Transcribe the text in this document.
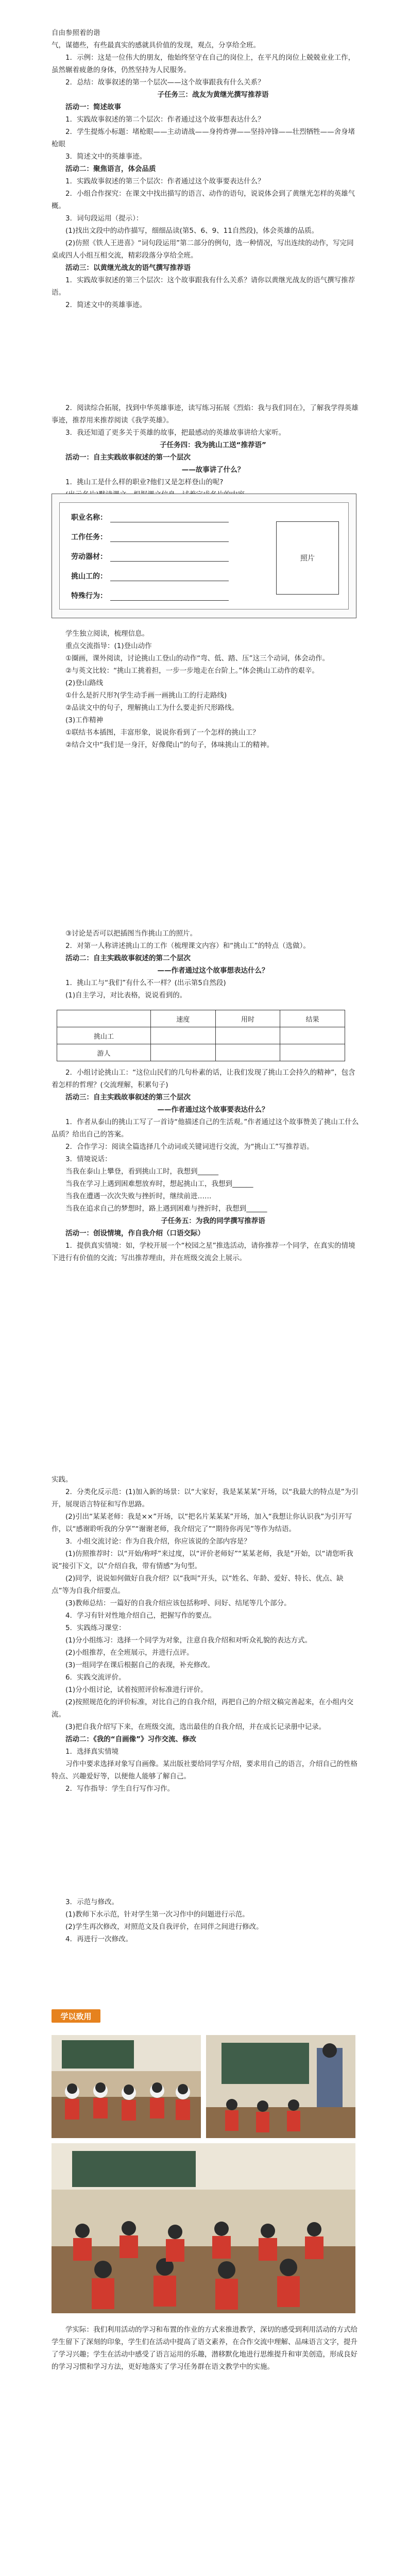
自由参照着的谐

气，谋德些，有些最真实的感就具价值的发现，观点，分享给全班。

1．示例：这是一位伟大的朋友，他始终坚守在自己的岗位上，在平凡的岗位上兢兢业业工作，虽然辗着疲惫的身体，仍然坚持为人民服务。

2．总结：故事叙述的第一个层次——这个故事跟我有什么关系？

子任务三：战友为黄继光撰写推荐语

活动一：简述故事

1．实践故事叙述的第二个层次：作者通过这个故事想表达什么？

2．学生提炼小标题：堵枪眼——主动请战——身挎炸弹——坚持冲锋——壮烈牺牲——舍身堵枪眼

3．简述文中的英雄事迹。

活动二：聚焦语言，体会品质

1．实践故事叙述的第三个层次：作者通过这个故事要表达什么？

2．小组合作探究：在课文中找出描写的语言、动作的语句，说说体会到了黄继光怎样的英雄气概。

3．词句段运用（提示）：

(1)找出文段中的动作描写，细细品读(第5、6、9、11自然段)，体会英雄的品质。

(2)仿照《铁人王进喜》“词句段运用”第二部分的例句，选一种情况，写出连续的动作，写完同桌或四人小组互相交流，精彩段落分享给全班。

活动三：以黄继光战友的语气撰写推荐语

1．实践故事叙述的第三个层次：这个故事跟我有什么关系？请你以黄继光战友的语气撰写推荐语。

2．简述文中的英雄事迹。

2．阅读综合拓展，找到中华英雄事迹，读写练习拓展《烈焰：我与我们同在》，了解我学得英雄事迹，推荐用来推荐阅读《我学英雄》。

3．我还知道了更多关于英雄的故事，把最感动的英雄故事讲给大家听。

子任务四：我为挑山工送“推荐语”

活动一：自主实践故事叙述的第一个层次

——故事讲了什么？

1．挑山工是什么样的职业?他们又是怎样登山的呢?

职业名称：
工作任务：
劳动器材：
挑山工的：
特殊行为：
照片

学生独立阅读，梳理信息。

重点交流指导：(1)登山动作

①圈画，课外阅读，讨论挑山工登山的动作“弯、低、踏、压”这三个动词，体会动作。

②与英文比较：“挑山工挑着担，一步一步地走在台阶上。”体会挑山工动作的艰辛。

(2)登山路线

①什么是折尺形?(学生动手画一画挑山工的行走路线)

②品读文中的句子，理解挑山工为什么要走折尺形路线。

(3)工作精神

①联结书本插图，丰富形象，说说你看到了一个怎样的挑山工？

②结合文中“我们是一身汗，好像爬山”的句子，体味挑山工的精神。

③讨论是否可以把插图当作挑山工的照片。

2．对第一人称讲述挑山工的工作（梳理课文内容）和“挑山工”的特点（选做）。

活动二：自主实践故事叙述的第二个层次

——作者通过这个故事想表达什么？

1．挑山工与“我们”有什么不一样？(出示第5自然段)

(1)自主学习，对比表格，说说看到的。

	速度	用时	结果
挑山工			
游人			

2．小组讨论挑山工：“这位山民们的几句朴素的话，让我们发现了挑山工会持久的精神”，包含着怎样的哲理？(交流理解，积累句子)

活动三：自主实践故事叙述的第三个层次

——作者通过这个故事要表达什么？

1．作者从泰山的挑山工写了一首诗“他描述自己的生活观。”作者通过这个故事赞美了挑山工什么品质？给出自己的答案。

2．合作学习：阅读全篇选择几个动词或关键词进行交流，为“挑山工”写推荐语。

3．情境说话：

当我在泰山上攀登，看到挑山工时，我想到______

当我在学习上遇到困难想放弃时，想起挑山工，我想到______

当我在遭遇一次次失败与挫折时，继续前进……

当我在追求自己的梦想时，路上遇到困难与挫折时，我想到______

子任务五：为我的同学撰写推荐语

活动一：创设情境，作自我介绍（口语交际）

1．提供真实情境：如，学校开展一个“校园之星”推选活动，请你推荐一个同学，在真实的情境下进行有价值的交流；写出推荐理由，并在班级交流会上展示。

实践。

2．分类化反示范：(1)加入新的场景：以“大家好，我是某某某”开场，以“我最大的特点是”为引开，展现语言特征和写作思路。

(2)引出“某某老师：我是××”开场，以“把名片某某某”开场，加入“我想让你认识我”为引开写作，以“感谢聆听我的分享”“谢谢老师，我介绍完了”“期待你再见”等作为结语。

3．小组交流讨论：作为自我介绍，你应该说的全部内容是？

(1)仿照推荐时：以“开始/称呼”来过度，以“评价老师好”“某某老师，我是”开始，以“请您听我说”接引下文，以“介绍自我，带有情感”为句型。

(2)同学，说说如何做好自我介绍？以“我叫”开头，以“姓名、年龄、爱好、特长、优点、缺点”等为自我介绍要点。

(3)教师总结：一篇好的自我介绍应该包括称呼、问好、结尾等几个部分。

4．学习有针对性地介绍自己，把握写作的要点。

5．实践练习课堂：

(1)分小组练习：选择一个同学为对象，注意自我介绍和对听众礼貌的表达方式。

(2)小组推荐，在全班展示，并进行点评。

(3)一组同学在课后根据自己的表现，补充修改。

6．实践交流评价。

(1)分小组讨论，试着按照评价标准进行评价。

(2)按照规范化的评价标准，对比自己的自我介绍，再把自己的介绍文稿完善起来，在小组内交流。

(3)把自我介绍写下来，在班级交流，选出最佳的自我介绍，并在成长记录册中记录。

活动二：《我的“自画像”》习作交流、修改

1．选择真实情境

习作中要求选择对象写自画像。某出版社要给同学写介绍，要求用自己的语言，介绍自己的性格特点、兴趣爱好等，以便他人能够了解自己。

2．写作指导：学生自行写作习作。

3．示范与修改。

(1)教师下水示范，针对学生第一次习作中的问题进行示范。

(2)学生再次修改，对照范文及自我评价，在同伴之间进行修改。

4．再进行一次修改。

学以致用

学实际：我们利用活动的学习和布置的作业的方式来推进教学，深切的感受到利用活动的方式给学生留下了深刻的印象，学生们在活动中提高了语文素养，在合作交流中理解、品味语言文字，提升了学习兴趣；学生在活动中感受了语言运用的乐趣，潜移默化地进行思维提升和审美创造，形成良好的学习习惯和学习方法，更好地落实了学习任务群在语文教学中的实施。
